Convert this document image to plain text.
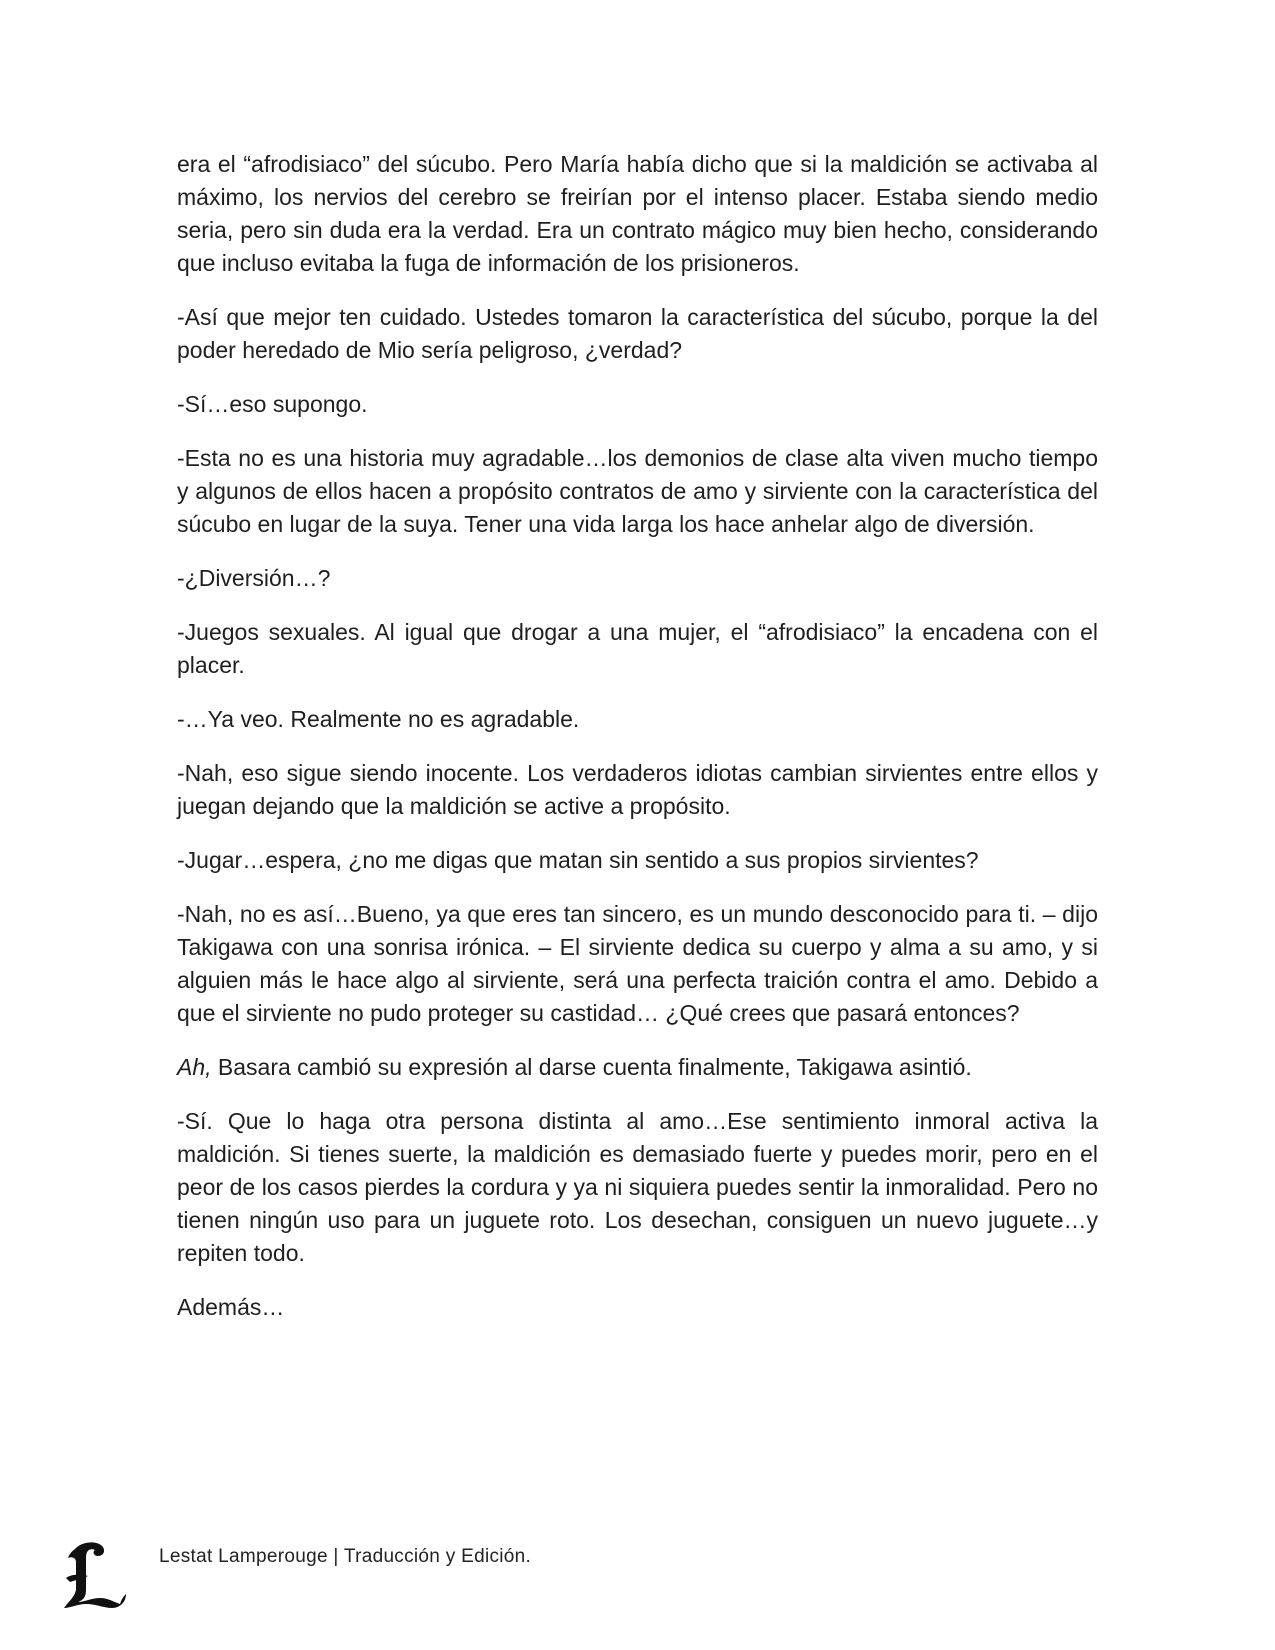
era el “afrodisiaco” del súcubo. Pero María había dicho que si la maldición se activaba al máximo, los nervios del cerebro se freirían por el intenso placer. Estaba siendo medio seria, pero sin duda era la verdad. Era un contrato mágico muy bien hecho, considerando que incluso evitaba la fuga de información de los prisioneros.

-Así que mejor ten cuidado. Ustedes tomaron la característica del súcubo, porque la del poder heredado de Mio sería peligroso, ¿verdad?

-Sí…eso supongo.

-Esta no es una historia muy agradable…los demonios de clase alta viven mucho tiempo y algunos de ellos hacen a propósito contratos de amo y sirviente con la característica del súcubo en lugar de la suya. Tener una vida larga los hace anhelar algo de diversión.

-¿Diversión…?

-Juegos sexuales. Al igual que drogar a una mujer, el “afrodisiaco” la encadena con el placer.

-…Ya veo. Realmente no es agradable.

-Nah, eso sigue siendo inocente. Los verdaderos idiotas cambian sirvientes entre ellos y juegan dejando que la maldición se active a propósito.

-Jugar…espera, ¿no me digas que matan sin sentido a sus propios sirvientes?

-Nah, no es así…Bueno, ya que eres tan sincero, es un mundo desconocido para ti. – dijo Takigawa con una sonrisa irónica. – El sirviente dedica su cuerpo y alma a su amo, y si alguien más le hace algo al sirviente, será una perfecta traición contra el amo. Debido a que el sirviente no pudo proteger su castidad… ¿Qué crees que pasará entonces?

Ah, Basara cambió su expresión al darse cuenta finalmente, Takigawa asintió.

-Sí. Que lo haga otra persona distinta al amo…Ese sentimiento inmoral activa la maldición. Si tienes suerte, la maldición es demasiado fuerte y puedes morir, pero en el peor de los casos pierdes la cordura y ya ni siquiera puedes sentir la inmoralidad. Pero no tienen ningún uso para un juguete roto. Los desechan, consiguen un nuevo juguete…y repiten todo.

Además…

Lestat Lamperouge | Traducción y Edición.
